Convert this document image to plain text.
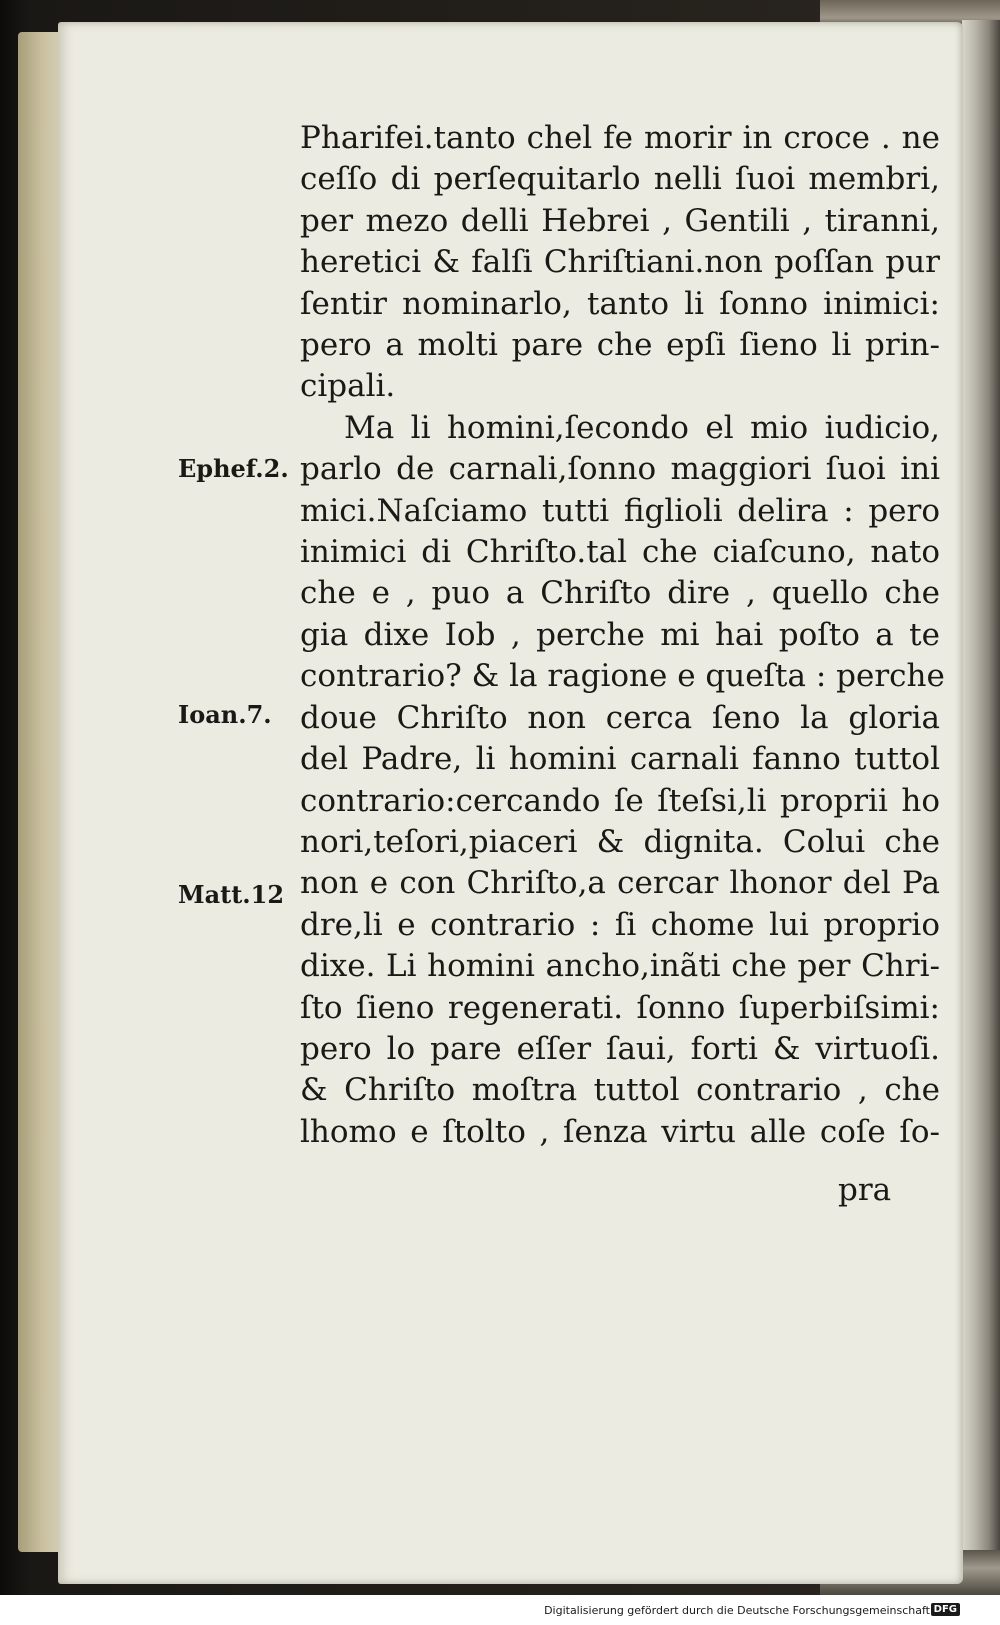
Ephef.2.
Ioan.7.
Matt.12
Pharifei.tanto chel fe morir in croce . ne
ceſſo di perſequitarlo nelli ſuoi membri,
per mezo delli Hebrei , Gentili , tiranni,
heretici & falſi Chriſtiani.non poſſan pur
ſentir nominarlo, tanto li ſonno inimici:
pero a molti pare che epſi ſieno li prin-
cipali.
Ma li homini,ſecondo el mio iudicio,
parlo de carnali,ſonno maggiori ſuoi ini
mici.Naſciamo tutti figlioli delira : pero
inimici di Chriſto.tal che ciaſcuno, nato
che e , puo a Chriſto dire , quello che
gia dixe Iob , perche mi hai poſto a te
contrario? & la ragione e queſta : perche
doue Chriſto non cerca ſeno la gloria
del Padre, li homini carnali fanno tuttol
contrario:cercando ſe ſteſsi,li proprii ho
nori,teſori,piaceri & dignita. Colui che
non e con Chriſto,a cercar lhonor del Pa
dre,li e contrario : ſi chome lui proprio
dixe. Li homini ancho,inãti che per Chri-
ſto ſieno regenerati. ſonno ſuperbiſsimi:
pero lo pare eſſer ſaui, forti & virtuoſi.
& Chriſto moſtra tuttol contrario , che
lhomo e ſtolto , ſenza virtu alle coſe ſo-
pra
Digitalisierung gefördert durch die Deutsche Forschungsgemeinschaft DFG
